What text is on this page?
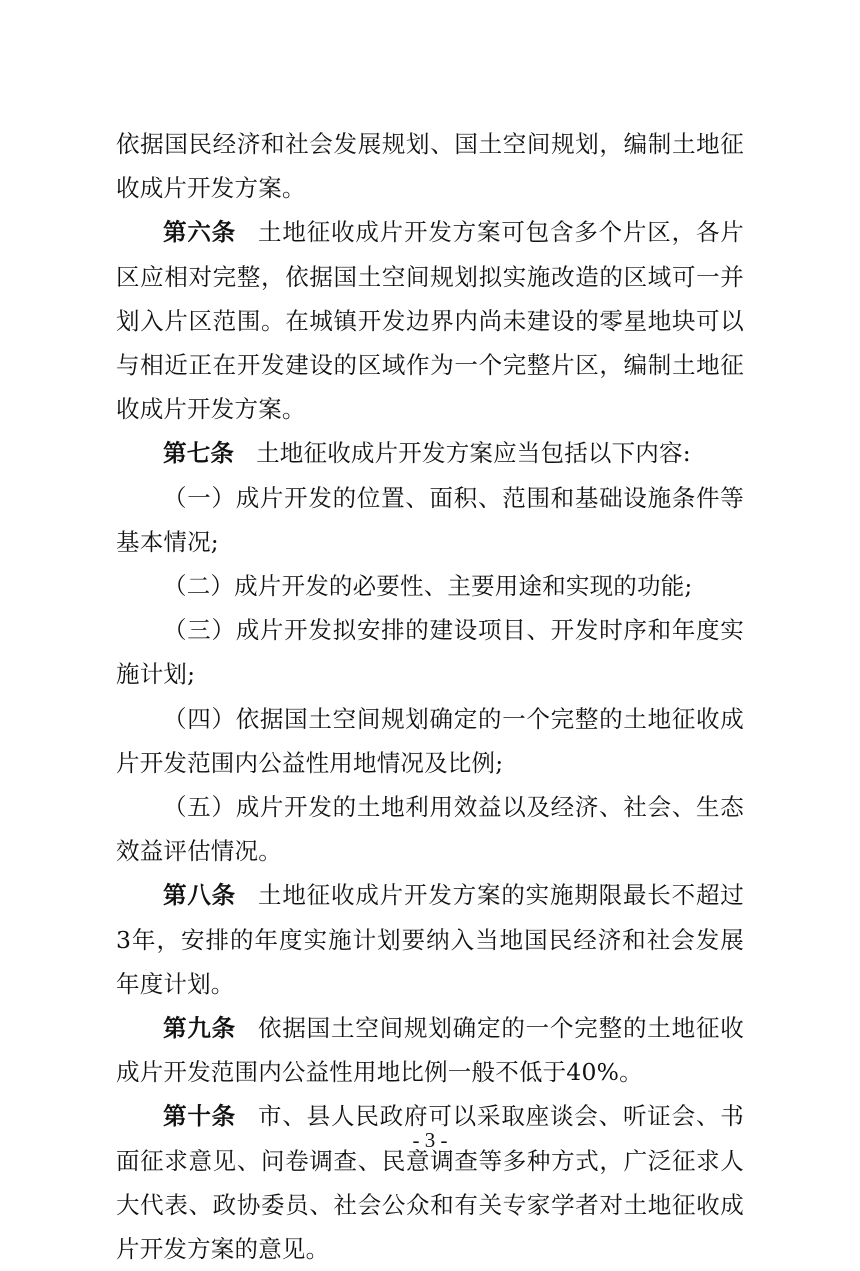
依据国民经济和社会发展规划、国土空间规划，编制土地征收成片开发方案。

第六条 土地征收成片开发方案可包含多个片区，各片区应相对完整，依据国土空间规划拟实施改造的区域可一并划入片区范围。在城镇开发边界内尚未建设的零星地块可以与相近正在开发建设的区域作为一个完整片区，编制土地征收成片开发方案。

第七条 土地征收成片开发方案应当包括以下内容:

（一）成片开发的位置、面积、范围和基础设施条件等基本情况;

（二）成片开发的必要性、主要用途和实现的功能;

（三）成片开发拟安排的建设项目、开发时序和年度实施计划;

（四）依据国土空间规划确定的一个完整的土地征收成片开发范围内公益性用地情况及比例;

（五）成片开发的土地利用效益以及经济、社会、生态效益评估情况。

第八条 土地征收成片开发方案的实施期限最长不超过3年，安排的年度实施计划要纳入当地国民经济和社会发展年度计划。

第九条 依据国土空间规划确定的一个完整的土地征收成片开发范围内公益性用地比例一般不低于40%。

第十条 市、县人民政府可以采取座谈会、听证会、书面征求意见、问卷调查、民意调查等多种方式，广泛征求人大代表、政协委员、社会公众和有关专家学者对土地征收成片开发方案的意见。

- 3 -
